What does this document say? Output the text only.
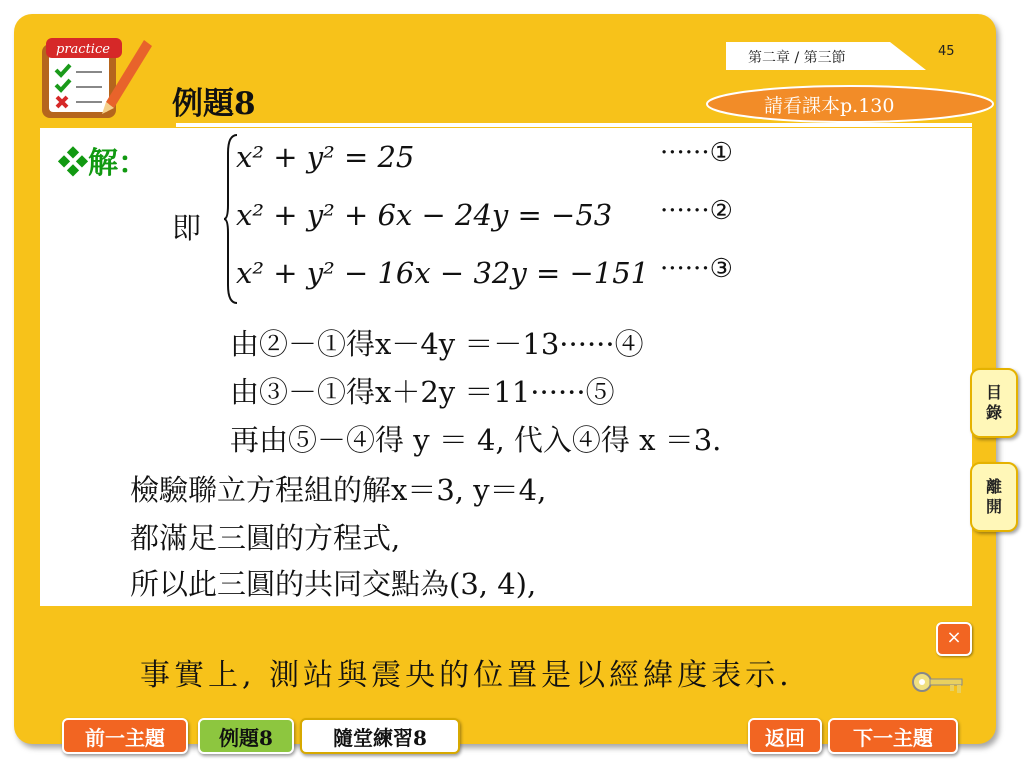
practice
例題8
第二章 / 第三節	45
請看課本p.130
❖解：
即
x² + y² = 25	······①
x² + y² + 6x − 24y = −53 ······②
x² + y² − 16x − 32y = −151 ······③
由②－①得x－4y ＝－13······④
由③－①得x＋2y ＝11······⑤
再由⑤－④得 y ＝ 4, 代入④得 x ＝3.
檢驗聯立方程組的解x＝3, y＝4,
都滿足三圓的方程式,
所以此三圓的共同交點為(3, 4),
目
錄
離
開
事實上, 測站與震央的位置是以經緯度表示.
×
前一主題	例題8	隨堂練習8	返回	下一主題
